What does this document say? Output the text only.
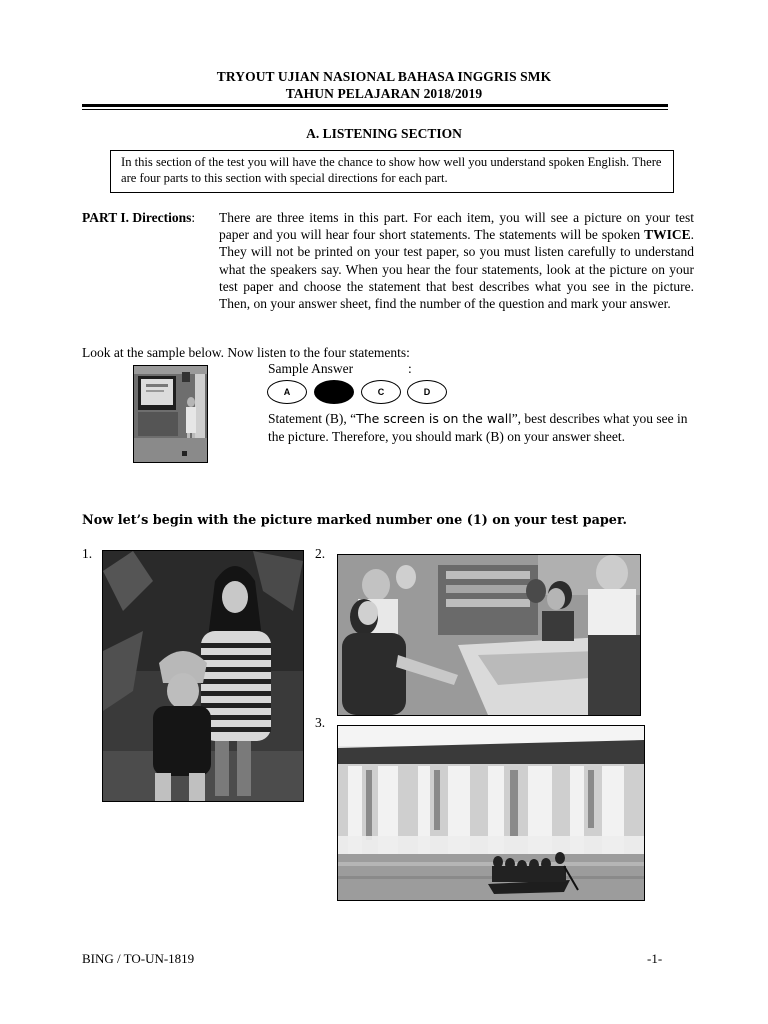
TRYOUT UJIAN NASIONAL BAHASA INGGRIS SMK
TAHUN PELAJARAN 2018/2019
A. LISTENING SECTION
In this section of the test you will have the chance to show how well you understand spoken English. There are four parts to this section with special directions for each part.
PART I. Directions: There are three items in this part. For each item, you will see a picture on your test paper and you will hear four short statements. The statements will be spoken TWICE. They will not be printed on your test paper, so you must listen carefully to understand what the speakers say. When you hear the four statements, look at the picture on your test paper and choose the statement that best describes what you see in the picture. Then, on your answer sheet, find the number of the question and mark your answer.
Look at the sample below. Now listen to the four statements:
Sample Answer	:
A	C	D
Statement (B), “The screen is on the wall”, best describes what you see in the picture. Therefore, you should mark (B) on your answer sheet.
Now let’s begin with the picture marked number one (1) on your test paper.
1.	2.
3.
BING / TO-UN-1819	-1-
